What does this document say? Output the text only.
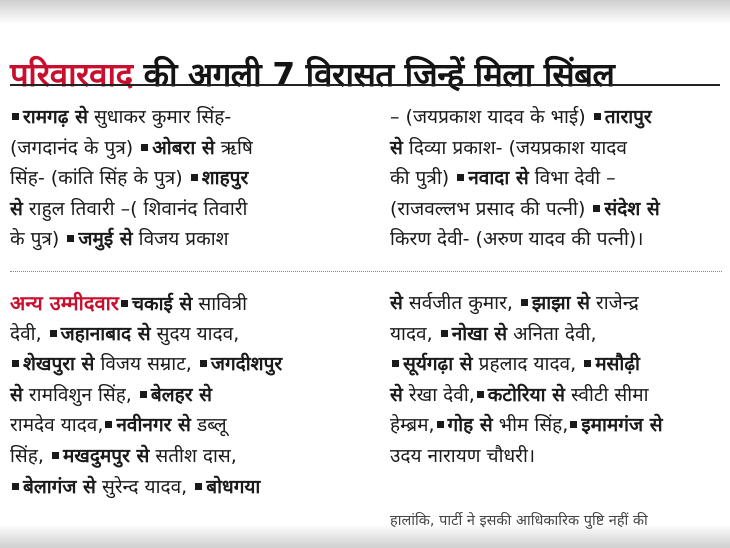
परिवारवाद की अगली 7 विरासत जिन्हें मिला सिंबल
रामगढ़ से सुधाकर कुमार सिंह-
(जगदानंद के पुत्र) ओबरा से ऋषि
सिंह- (कांति सिंह के पुत्र) शाहपुर
से राहुल तिवारी –( शिवानंद तिवारी
के पुत्र) जमुई से विजय प्रकाश
– (जयप्रकाश यादव के भाई) तारापुर
से दिव्या प्रकाश- (जयप्रकाश यादव
की पुत्री) नवादा से विभा देवी –
(राजवल्लभ प्रसाद की पत्नी) संदेश से
किरण देवी- (अरुण यादव की पत्नी)।
अन्य उम्मीदवार चकाई से सावित्री
देवी, जहानाबाद से सुदय यादव,
शेखपुरा से विजय सम्राट, जगदीशपुर
से रामविशुन सिंह, बेलहर से
रामदेव यादव, नवीनगर से डब्लू
सिंह, मखदुमपुर से सतीश दास,
बेलागंज से सुरेन्द यादव, बोधगया
से सर्वजीत कुमार, झाझा से राजेन्द्र
यादव, नोखा से अनिता देवी,
सूर्यगढ़ा से प्रहलाद यादव, मसौढ़ी
से रेखा देवी, कटोरिया से स्वीटी सीमा
हेम्ब्रम, गोह से भीम सिंह, इमामगंज से
उदय नारायण चौधरी।
हालांकि, पार्टी ने इसकी आधिकारिक पुष्टि नहीं की
